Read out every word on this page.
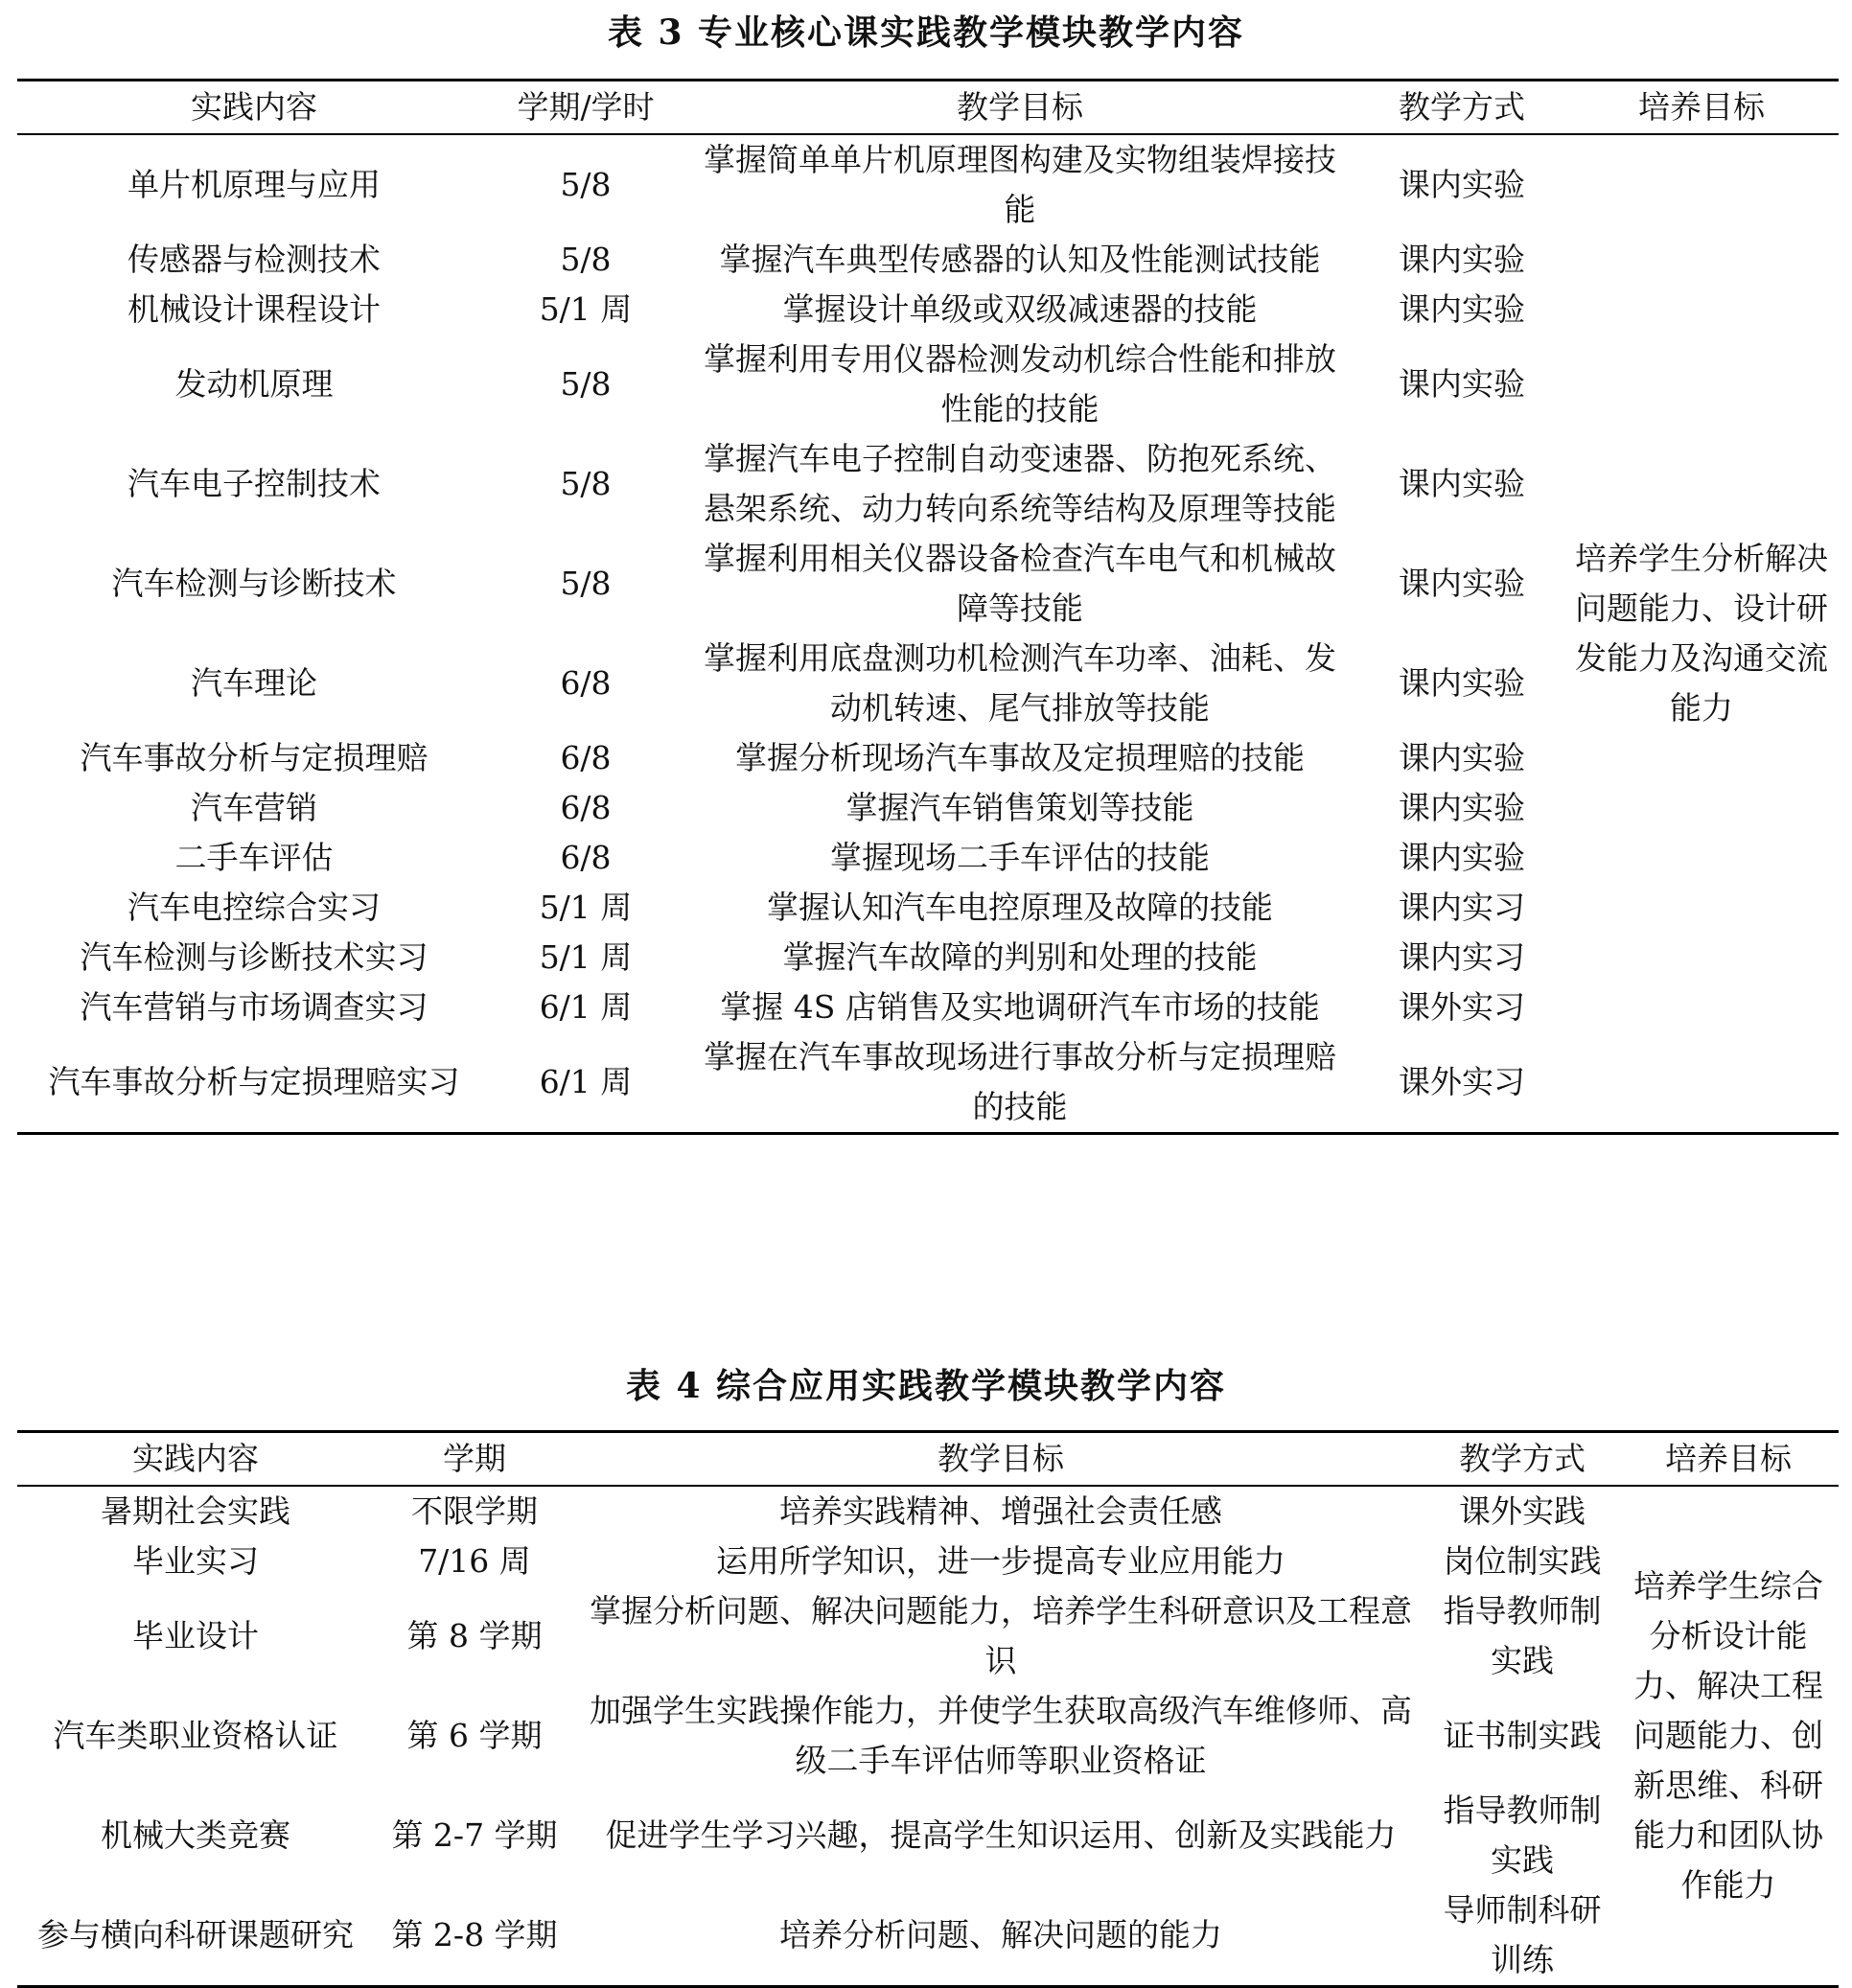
表 3 专业核心课实践教学模块教学内容
实践内容	学期/学时	教学目标	教学方式	培养目标
单片机原理与应用	5/8	掌握简单单片机原理图构建及实物组装焊接技能	课内实验	培养学生分析解决问题能力、设计研发能力及沟通交流能力
传感器与检测技术	5/8	掌握汽车典型传感器的认知及性能测试技能	课内实验	
机械设计课程设计	5/1 周	掌握设计单级或双级减速器的技能	课内实验	
发动机原理	5/8	掌握利用专用仪器检测发动机综合性能和排放性能的技能	课内实验	
汽车电子控制技术	5/8	掌握汽车电子控制自动变速器、防抱死系统、悬架系统、动力转向系统等结构及原理等技能	课内实验	
汽车检测与诊断技术	5/8	掌握利用相关仪器设备检查汽车电气和机械故障等技能	课内实验	
汽车理论	6/8	掌握利用底盘测功机检测汽车功率、油耗、发动机转速、尾气排放等技能	课内实验	
汽车事故分析与定损理赔	6/8	掌握分析现场汽车事故及定损理赔的技能	课内实验	
汽车营销	6/8	掌握汽车销售策划等技能	课内实验	
二手车评估	6/8	掌握现场二手车评估的技能	课内实验	
汽车电控综合实习	5/1 周	掌握认知汽车电控原理及故障的技能	课内实习	
汽车检测与诊断技术实习	5/1 周	掌握汽车故障的判别和处理的技能	课内实习	
汽车营销与市场调查实习	6/1 周	掌握 4S 店销售及实地调研汽车市场的技能	课外实习	
汽车事故分析与定损理赔实习	6/1 周	掌握在汽车事故现场进行事故分析与定损理赔的技能	课外实习	
表 4 综合应用实践教学模块教学内容
实践内容	学期	教学目标	教学方式	培养目标
暑期社会实践	不限学期	培养实践精神、增强社会责任感	课外实践	培养学生综合分析设计能力、解决工程问题能力、创新思维、科研能力和团队协作能力
毕业实习	7/16 周	运用所学知识，进一步提高专业应用能力	岗位制实践	
毕业设计	第 8 学期	掌握分析问题、解决问题能力，培养学生科研意识及工程意识	指导教师制实践	
汽车类职业资格认证	第 6 学期	加强学生实践操作能力，并使学生获取高级汽车维修师、高级二手车评估师等职业资格证	证书制实践	
机械大类竞赛	第 2-7 学期	促进学生学习兴趣，提高学生知识运用、创新及实践能力	指导教师制实践	
参与横向科研课题研究	第 2-8 学期	培养分析问题、解决问题的能力	导师制科研训练	
